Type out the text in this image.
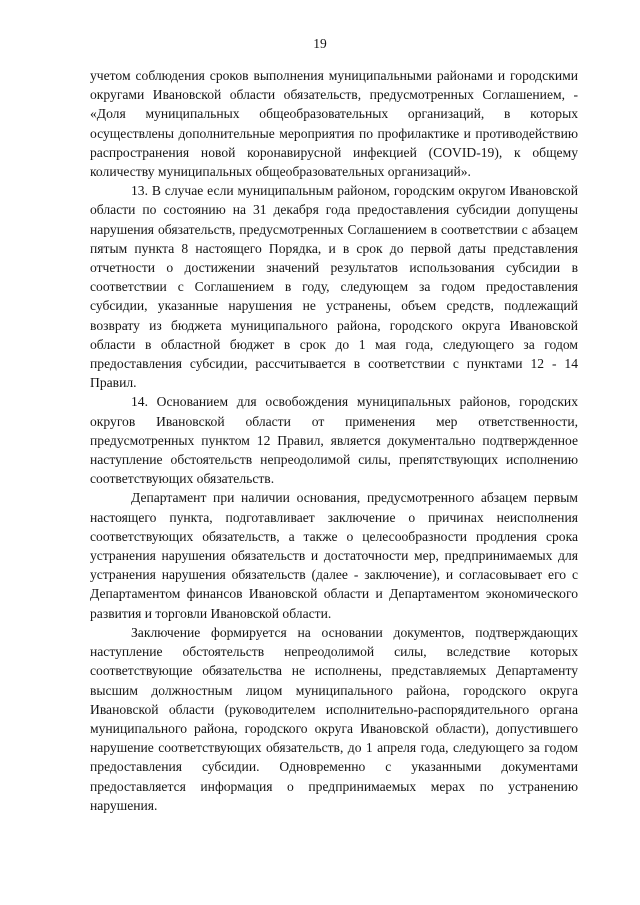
19

учетом соблюдения сроков выполнения муниципальными районами и городскими округами Ивановской области обязательств, предусмотренных Соглашением, - «Доля муниципальных общеобразовательных организаций, в которых осуществлены дополнительные мероприятия по профилактике и противодействию распространения новой коронавирусной инфекцией (COVID-19), к общему количеству муниципальных общеобразовательных организаций».

13. В случае если муниципальным районом, городским округом Ивановской области по состоянию на 31 декабря года предоставления субсидии допущены нарушения обязательств, предусмотренных Соглашением в соответствии с абзацем пятым пункта 8 настоящего Порядка, и в срок до первой даты представления отчетности о достижении значений результатов использования субсидии в соответствии с Соглашением в году, следующем за годом предоставления субсидии, указанные нарушения не устранены, объем средств, подлежащий возврату из бюджета муниципального района, городского округа Ивановской области в областной бюджет в срок до 1 мая года, следующего за годом предоставления субсидии, рассчитывается в соответствии с пунктами 12 - 14 Правил.

14. Основанием для освобождения муниципальных районов, городских округов Ивановской области от применения мер ответственности, предусмотренных пунктом 12 Правил, является документально подтвержденное наступление обстоятельств непреодолимой силы, препятствующих исполнению соответствующих обязательств.

Департамент при наличии основания, предусмотренного абзацем первым настоящего пункта, подготавливает заключение о причинах неисполнения соответствующих обязательств, а также о целесообразности продления срока устранения нарушения обязательств и достаточности мер, предпринимаемых для устранения нарушения обязательств (далее - заключение), и согласовывает его с Департаментом финансов Ивановской области и Департаментом экономического развития и торговли Ивановской области.

Заключение формируется на основании документов, подтверждающих наступление обстоятельств непреодолимой силы, вследствие которых соответствующие обязательства не исполнены, представляемых Департаменту высшим должностным лицом муниципального района, городского округа Ивановской области (руководителем исполнительно-распорядительного органа муниципального района, городского округа Ивановской области), допустившего нарушение соответствующих обязательств, до 1 апреля года, следующего за годом предоставления субсидии. Одновременно с указанными документами предоставляется информация о предпринимаемых мерах по устранению нарушения.
